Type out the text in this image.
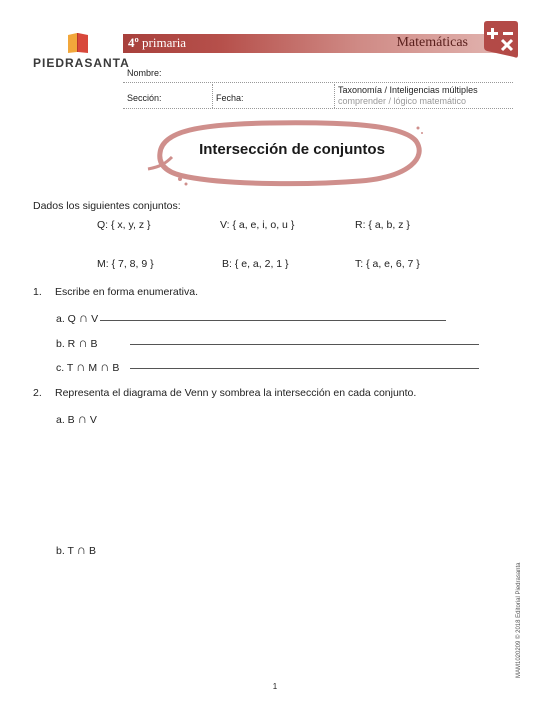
PIEDRASANTA
4º primaria	Matemáticas
Nombre:
Sección:	Fecha:
Taxonomía / Inteligencias múltiples
comprender / lógico matemático
Intersección de conjuntos
Dados los siguientes conjuntos:
Q: { x, y, z }	V: { a, e, i, o, u }	R: { a, b, z }
M: { 7, 8, 9 }	B: { e, a, 2, 1 }	T: { a, e, 6, 7 }
1. Escribe en forma enumerativa.
a. Q ∩ V
b. R ∩ B
c. T ∩ M ∩ B
2. Representa el diagrama de Venn y sombrea la intersección en cada conjunto.
a. B ∩ V
b. T ∩ B
MAM1020209 © 2018 Editorial Piedrasanta
1
